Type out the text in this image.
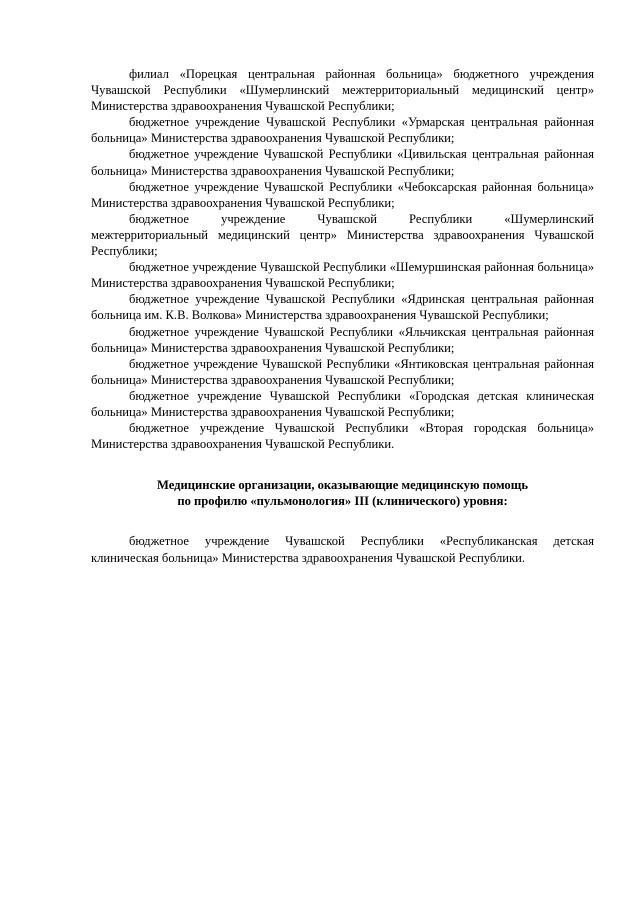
филиал «Порецкая центральная районная больница» бюджетного учреждения Чувашской Республики «Шумерлинский межтерриториальный медицинский центр» Министерства здравоохранения Чувашской Республики;

бюджетное учреждение Чувашской Республики «Урмарская центральная районная больница» Министерства здравоохранения Чувашской Республики;

бюджетное учреждение Чувашской Республики «Цивильская центральная районная больница» Министерства здравоохранения Чувашской Республики;

бюджетное учреждение Чувашской Республики «Чебоксарская районная больница» Министерства здравоохранения Чувашской Республики;

бюджетное учреждение Чувашской Республики «Шумерлинский межтерриториальный медицинский центр» Министерства здравоохранения Чувашской Республики;

бюджетное учреждение Чувашской Республики «Шемуршинская районная больница» Министерства здравоохранения Чувашской Республики;

бюджетное учреждение Чувашской Республики «Ядринская центральная районная больница им. К.В. Волкова» Министерства здравоохранения Чувашской Республики;

бюджетное учреждение Чувашской Республики «Яльчикская центральная районная больница» Министерства здравоохранения Чувашской Республики;

бюджетное учреждение Чувашской Республики «Янтиковская центральная районная больница» Министерства здравоохранения Чувашской Республики;

бюджетное учреждение Чувашской Республики «Городская детская клиническая больница» Министерства здравоохранения Чувашской Республики;

бюджетное учреждение Чувашской Республики «Вторая городская больница» Министерства здравоохранения Чувашской Республики.

Медицинские организации, оказывающие медицинскую помощь
по профилю «пульмонология» III (клинического) уровня:

бюджетное учреждение Чувашской Республики «Республиканская детская клиническая больница» Министерства здравоохранения Чувашской Республики.
